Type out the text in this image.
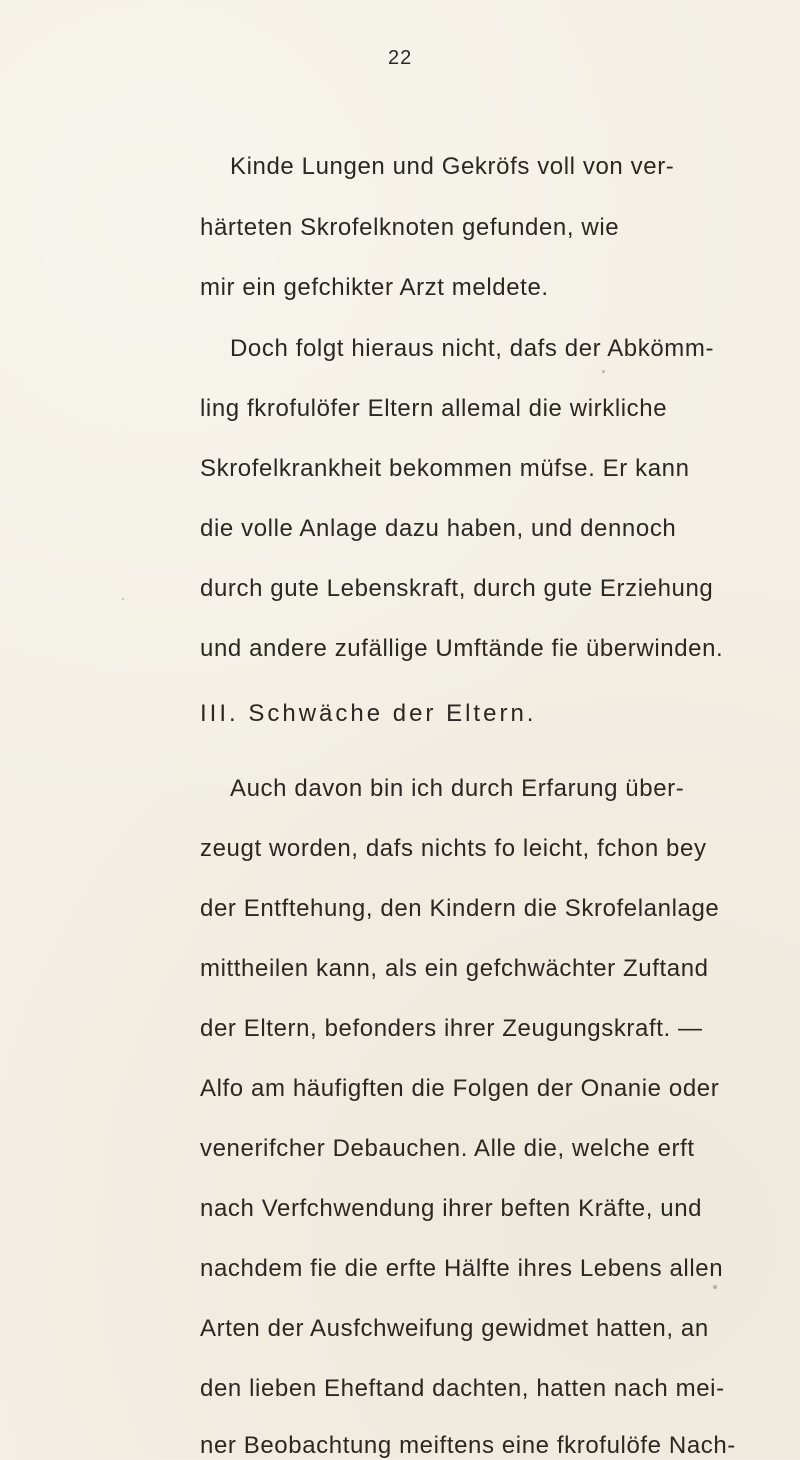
22
Kinde Lungen und Gekröfs voll von ver-
härteten Skrofelknoten gefunden, wie
mir ein gefchikter Arzt meldete.
Doch folgt hieraus nicht, dafs der Abkömm-
ling fkrofulöfer Eltern allemal die wirkliche
Skrofelkrankheit bekommen müfse. Er kann
die volle Anlage dazu haben, und dennoch
durch gute Lebenskraft, durch gute Erziehung
und andere zufällige Umftände fie überwinden.
III. Schwäche der Eltern.
Auch davon bin ich durch Erfarung über-
zeugt worden, dafs nichts fo leicht, fchon bey
der Entftehung, den Kindern die Skrofelanlage
mittheilen kann, als ein gefchwächter Zuftand
der Eltern, befonders ihrer Zeugungskraft. —
Alfo am häufigften die Folgen der Onanie oder
venerifcher Debauchen. Alle die, welche erft
nach Verfchwendung ihrer beften Kräfte, und
nachdem fie die erfte Hälfte ihres Lebens allen
Arten der Ausfchweifung gewidmet hatten, an
den lieben Eheftand dachten, hatten nach mei-
ner Beobachtung meiftens eine fkrofulöfe Nach-
